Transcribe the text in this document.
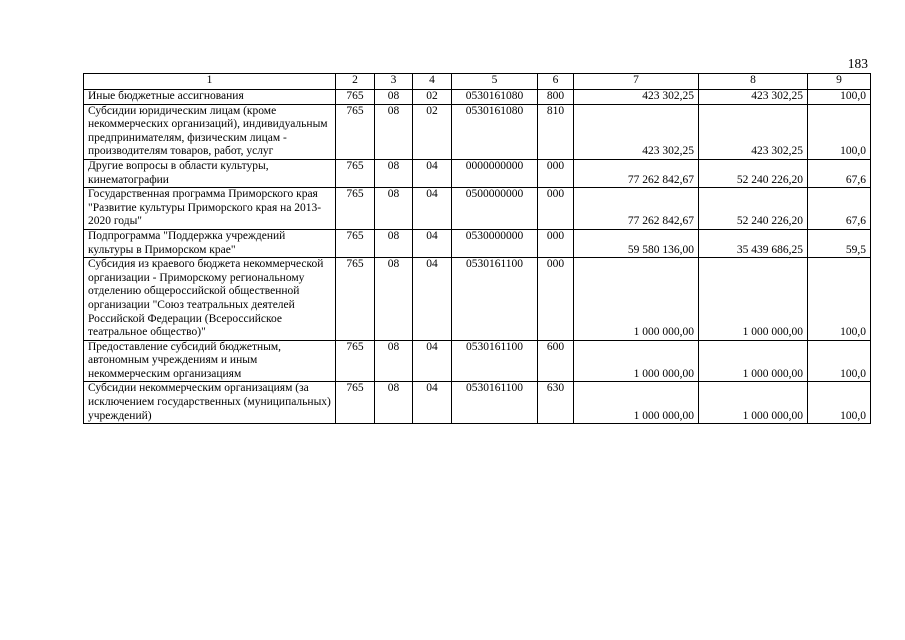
183
1	2	3	4	5	6	7	8	9
Иные бюджетные ассигнования	765	08	02	0530161080	800	423 302,25	423 302,25	100,0
Субсидии юридическим лицам (кроме некоммерческих организаций), индивидуальным предпринимателям, физическим лицам - производителям товаров, работ, услуг	765	08	02	0530161080	810	423 302,25	423 302,25	100,0
Другие вопросы в области культуры, кинематографии	765	08	04	0000000000	000	77 262 842,67	52 240 226,20	67,6
Государственная программа Приморского края "Развитие культуры Приморского края на 2013-2020 годы"	765	08	04	0500000000	000	77 262 842,67	52 240 226,20	67,6
Подпрограмма "Поддержка учреждений культуры в Приморском крае"	765	08	04	0530000000	000	59 580 136,00	35 439 686,25	59,5
Субсидия из краевого бюджета некоммерческой организации - Приморскому региональному отделению общероссийской общественной организации "Союз театральных деятелей Российской Федерации (Всероссийское театральное общество)"	765	08	04	0530161100	000	1 000 000,00	1 000 000,00	100,0
Предоставление субсидий бюджетным, автономным учреждениям и иным некоммерческим организациям	765	08	04	0530161100	600	1 000 000,00	1 000 000,00	100,0
Субсидии некоммерческим организациям (за исключением государственных (муниципальных) учреждений)	765	08	04	0530161100	630	1 000 000,00	1 000 000,00	100,0
